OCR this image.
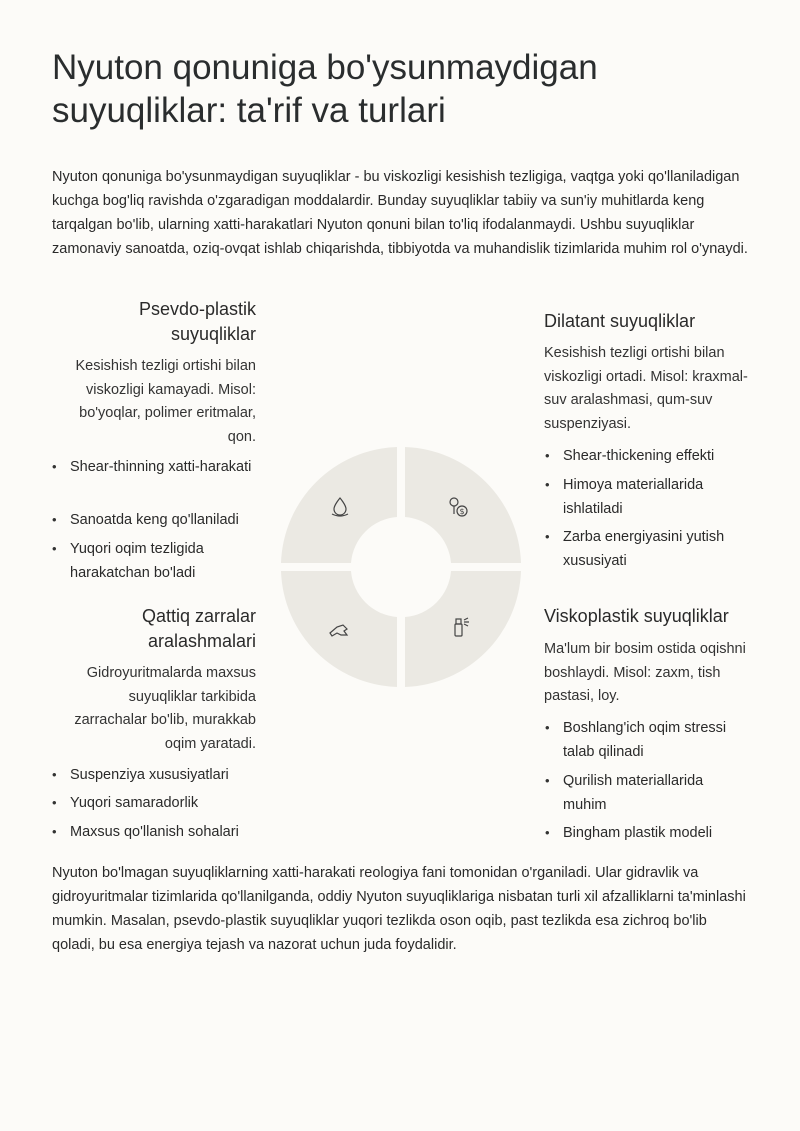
Nyuton qonuniga bo'ysunmaydigan suyuqliklar: ta'rif va turlari

Nyuton qonuniga bo'ysunmaydigan suyuqliklar - bu viskozligi kesishish tezligiga, vaqtga yoki qo'llaniladigan kuchga bog'liq ravishda o'zgaradigan moddalardir. Bunday suyuqliklar tabiiy va sun'iy muhitlarda keng tarqalgan bo'lib, ularning xatti-harakatlari Nyuton qonuni bilan to'liq ifodalanmaydi. Ushbu suyuqliklar zamonaviy sanoatda, oziq-ovqat ishlab chiqarishda, tibbiyotda va muhandislik tizimlarida muhim rol o'ynaydi.

Psevdo-plastik suyuqliklar

Kesishish tezligi ortishi bilan viskozligi kamayadi. Misol: bo'yoqlar, polimer eritmalar, qon.

• Shear-thinning xatti-harakati
• Sanoatda keng qo'llaniladi
• Yuqori oqim tezligida harakatchan bo'ladi
Dilatant suyuqliklar

Kesishish tezligi ortishi bilan viskozligi ortadi. Misol: kraxmal-suv aralashmasi, qum-suv suspenziyasi.

• Shear-thickening effekti
• Himoya materiallarida ishlatiladi
• Zarba energiyasini yutish xususiyati
Qattiq zarralar aralashmalari

Gidroyuritmalarda maxsus suyuqliklar tarkibida zarrachalar bo'lib, murakkab oqim yaratadi.

• Suspenziya xususiyatlari
• Yuqori samaradorlik
• Maxsus qo'llanish sohalari
Viskoplastik suyuqliklar

Ma'lum bir bosim ostida oqishni boshlaydi. Misol: zaxm, tish pastasi, loy.

• Boshlang'ich oqim stressi talab qilinadi
• Qurilish materiallarida muhim
• Bingham plastik modeli
$

Nyuton bo'lmagan suyuqliklarning xatti-harakati reologiya fani tomonidan o'rganiladi. Ular gidravlik va gidroyuritmalar tizimlarida qo'llanilganda, oddiy Nyuton suyuqliklariga nisbatan turli xil afzalliklarni ta'minlashi mumkin. Masalan, psevdo-plastik suyuqliklar yuqori tezlikda oson oqib, past tezlikda esa zichroq bo'lib qoladi, bu esa energiya tejash va nazorat uchun juda foydalidir.
